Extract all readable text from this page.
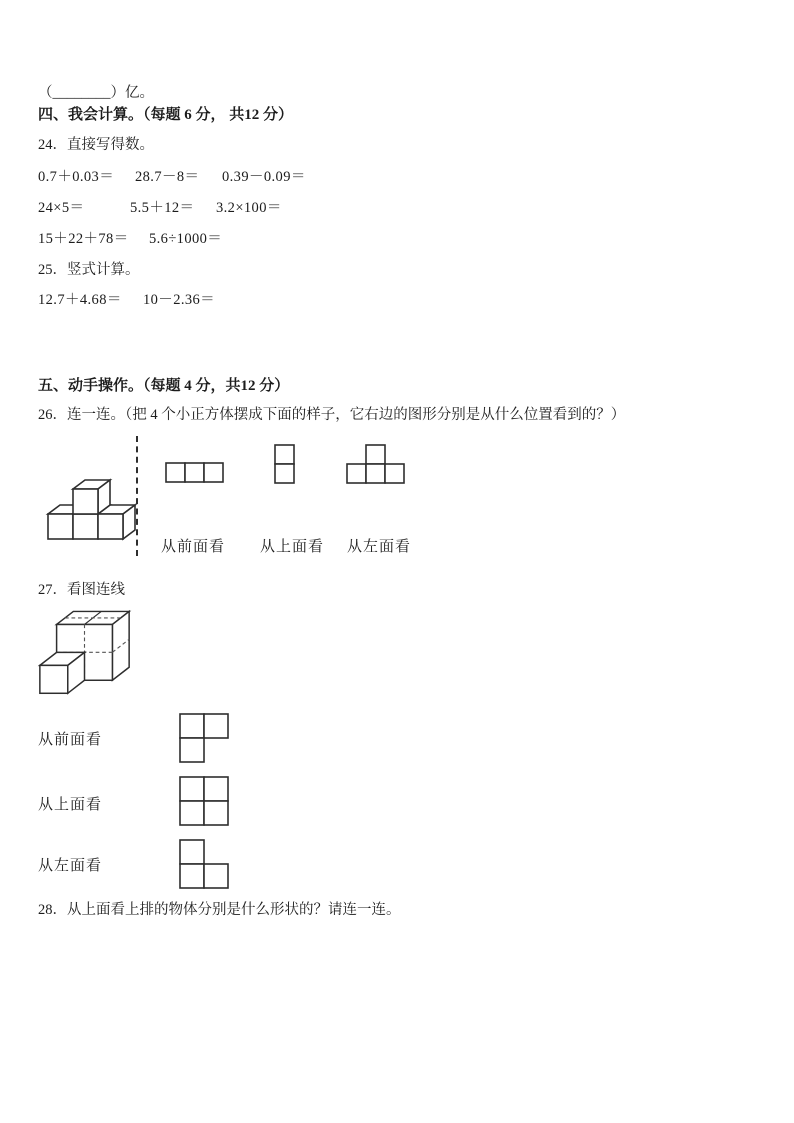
（________）亿。
四、我会计算。（每题 6 分， 共12 分）
24．直接写得数。
0.7＋0.03＝ 28.7－8＝ 0.39－0.09＝
24×5＝	5.5＋12＝ 3.2×100＝
15＋22＋78＝ 5.6÷1000＝
25．竖式计算。
12.7＋4.68＝ 10－2.36＝
五、动手操作。（每题 4 分，共12 分）
26．连一连。（把 4 个小正方体摆成下面的样子，它右边的图形分别是从什么位置看到的？）
从前面看 从上面看 从左面看
27．看图连线
从前面看
从上面看
从左面看
28．从上面看上排的物体分别是什么形状的？请连一连。
